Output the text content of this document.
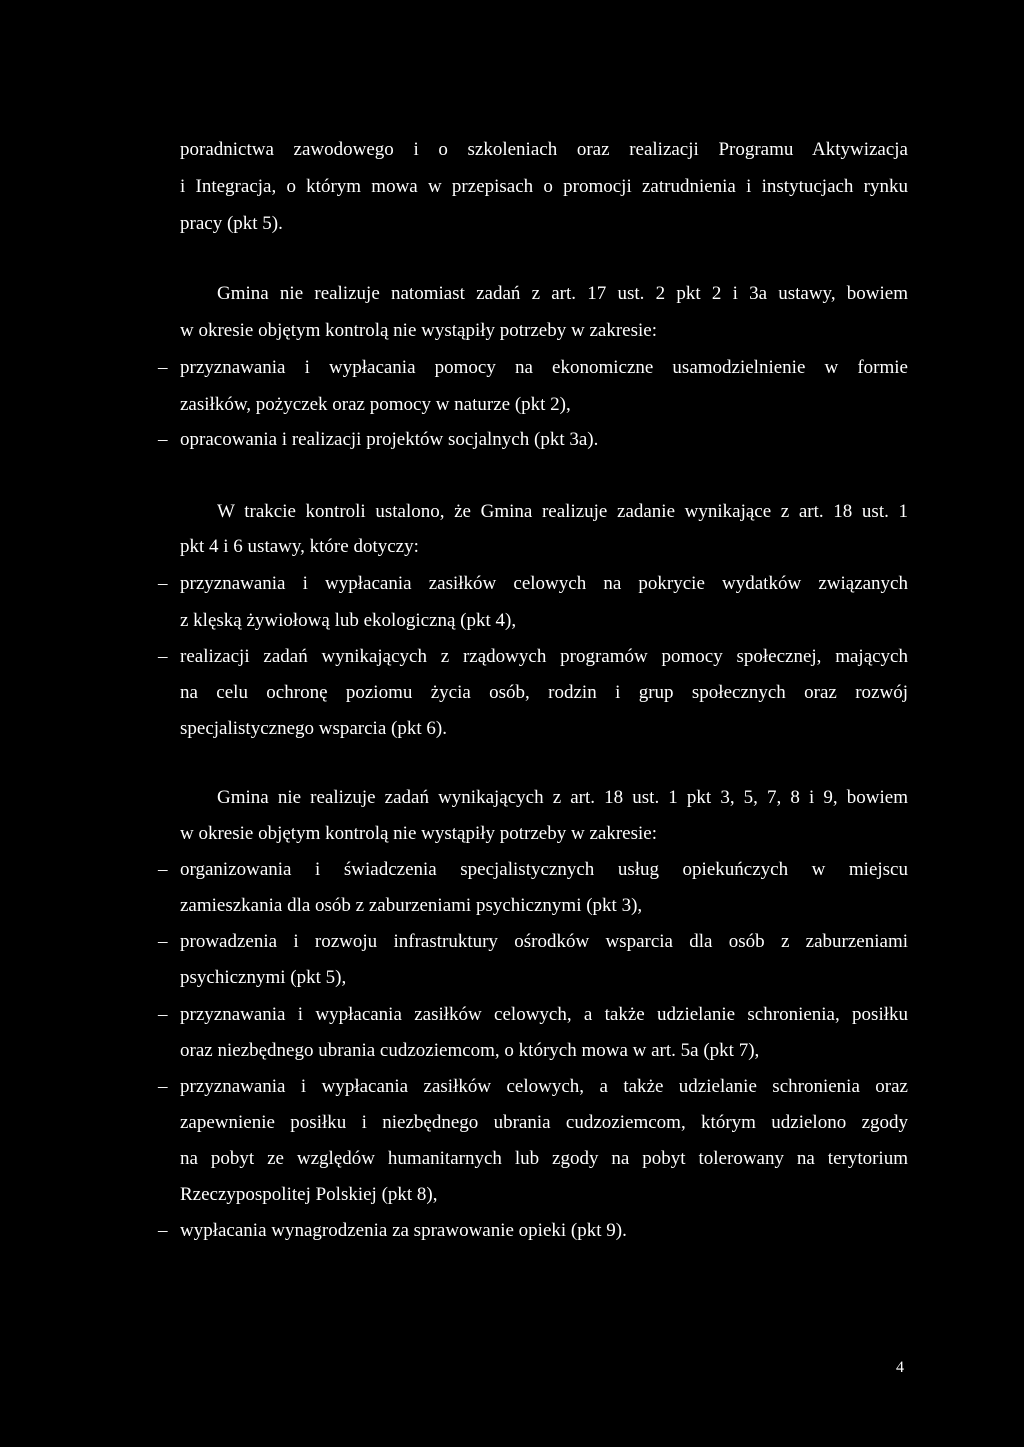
poradnictwa zawodowego i o szkoleniach oraz realizacji Programu Aktywizacja
i Integracja, o którym mowa w przepisach o promocji zatrudnienia i instytucjach rynku
pracy (pkt 5).
Gmina nie realizuje natomiast zadań z art. 17 ust. 2 pkt 2 i 3a ustawy, bowiem
w okresie objętym kontrolą nie wystąpiły potrzeby w zakresie:
– przyznawania i wypłacania pomocy na ekonomiczne usamodzielnienie w formie
zasiłków, pożyczek oraz pomocy w naturze (pkt 2),
– opracowania i realizacji projektów socjalnych (pkt 3a).
W trakcie kontroli ustalono, że Gmina realizuje zadanie wynikające z art. 18 ust. 1
pkt 4 i 6 ustawy, które dotyczy:
– przyznawania i wypłacania zasiłków celowych na pokrycie wydatków związanych
z klęską żywiołową lub ekologiczną (pkt 4),
– realizacji zadań wynikających z rządowych programów pomocy społecznej, mających
na celu ochronę poziomu życia osób, rodzin i grup społecznych oraz rozwój
specjalistycznego wsparcia (pkt 6).
Gmina nie realizuje zadań wynikających z art. 18 ust. 1 pkt 3, 5, 7, 8 i 9, bowiem
w okresie objętym kontrolą nie wystąpiły potrzeby w zakresie:
– organizowania i świadczenia specjalistycznych usług opiekuńczych w miejscu
zamieszkania dla osób z zaburzeniami psychicznymi (pkt 3),
– prowadzenia i rozwoju infrastruktury ośrodków wsparcia dla osób z zaburzeniami
psychicznymi (pkt 5),
– przyznawania i wypłacania zasiłków celowych, a także udzielanie schronienia, posiłku
oraz niezbędnego ubrania cudzoziemcom, o których mowa w art. 5a (pkt 7),
– przyznawania i wypłacania zasiłków celowych, a także udzielanie schronienia oraz
zapewnienie posiłku i niezbędnego ubrania cudzoziemcom, którym udzielono zgody
na pobyt ze względów humanitarnych lub zgody na pobyt tolerowany na terytorium
Rzeczypospolitej Polskiej (pkt 8),
– wypłacania wynagrodzenia za sprawowanie opieki (pkt 9).
4
